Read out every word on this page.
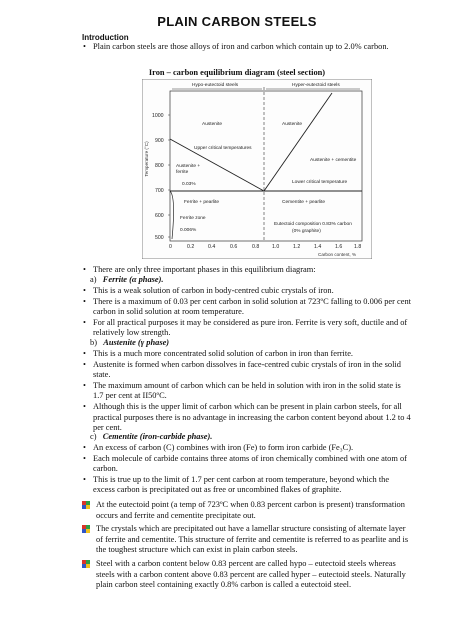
PLAIN CARBON STEELS
Introduction
• Plain carbon steels are those alloys of iron and carbon which contain up to 2.0% carbon.
Iron – carbon equilibrium diagram (steel section)
1000
900
800
700
600
500
0	0.2	0.4	0.6	0.8 1.0	1.2	1.4	1.6 1.8
Temperature (°C)
Carbon content, %
Hypo-eutectoid steels	Hyper-eutectoid steels
Austenite	Austenite
Upper critical temperatures
Austenite + cementite
Lower critical temperature
0.03%
Ferrite + pearlite	Cementite + pearlite
Ferrite zone
0.006%
Eutectoid composition 0.83% carbon
(0% graphite)
Austenite +
ferrite
• There are only three important phases in this equilibrium diagram:
a) Ferrite (α phase).
• This is a weak solution of carbon in body-centred cubic crystals of iron.
• There is a maximum of 0.03 per cent carbon in solid solution at 723ºC falling to 0.006 per cent carbon in solid solution at room temperature.
• For all practical purposes it may be considered as pure iron. Ferrite is very soft, ductile and of relatively low strength.
b) Austenite (γ phase)
• This is a much more concentrated solid solution of carbon in iron than ferrite.
• Austenite is formed when carbon dissolves in face-centred cubic crystals of iron in the solid state.
• The maximum amount of carbon which can be held in solution with iron in the solid state is 1.7 per cent at II50ºC.
• Although this is the upper limit of carbon which can be present in plain carbon steels, for all practical purposes there is no advantage in increasing the carbon content beyond about 1.2 to 4 per cent.
c) Cementite (iron-carbide phase).
• An excess of carbon (C) combines with iron (Fe) to form iron carbide (Fe₃C).
• Each molecule of carbide contains three atoms of iron chemically combined with one atom of carbon.
• This is true up to the limit of 1.7 per cent carbon at room temperature, beyond which the excess carbon is precipitated out as free or uncombined flakes of graphite.
At the eutectoid point (a temp of 723ºC when 0.83 percent carbon is present) transformation occurs and ferrite and cementite precipitate out.
The crystals which are precipitated out have a lamellar structure consisting of alternate layer of ferrite and cementite. This structure of ferrite and cementite is referred to as pearlite and is the toughest structure which can exist in plain carbon steels.
Steel with a carbon content below 0.83 percent are called hypo – eutectoid steels whereas steels with a carbon content above 0.83 percent are called hyper – eutectoid steels. Naturally plain carbon steel containing exactly 0.8% carbon is called a eutectoid steel.
